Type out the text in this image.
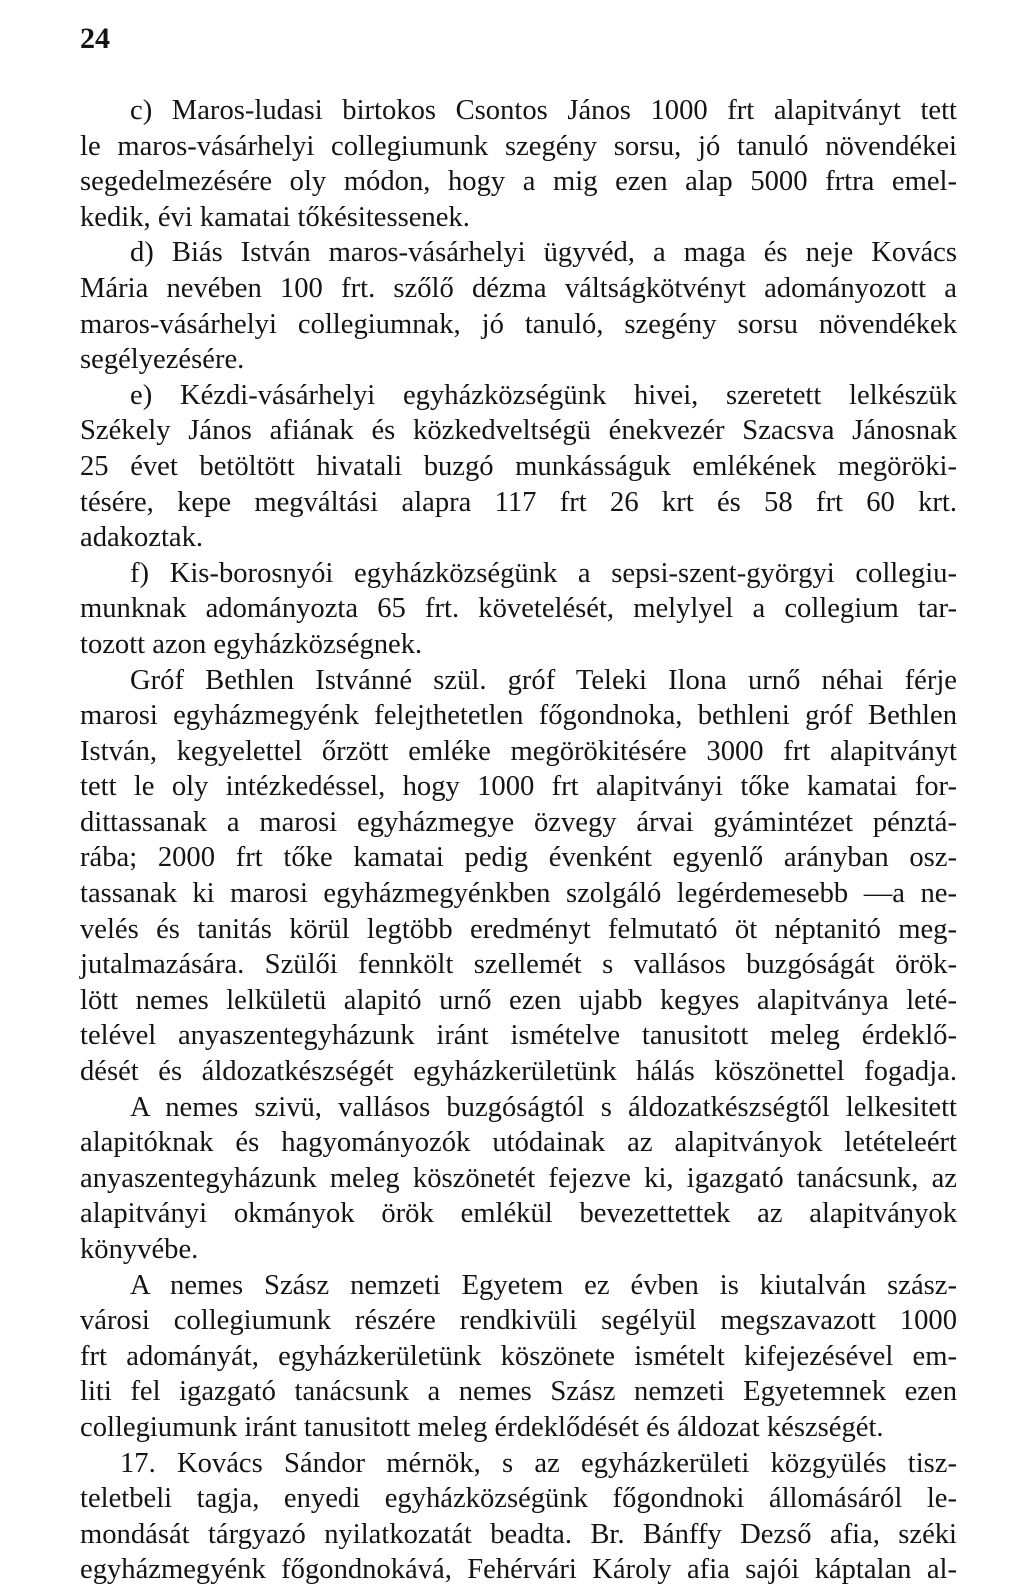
24
c) Maros-ludasi birtokos Csontos János 1000 frt alapitványt tett
le maros-vásárhelyi collegiumunk szegény sorsu, jó tanuló növendékei
segedelmezésére oly módon, hogy a mig ezen alap 5000 frtra emel-
kedik, évi kamatai tőkésitessenek.
d) Biás István maros-vásárhelyi ügyvéd, a maga és neje Kovács
Mária nevében 100 frt. szőlő dézma váltságkötvényt adományozott a
maros-vásárhelyi collegiumnak, jó tanuló, szegény sorsu növendékek
segélyezésére.
e) Kézdi-vásárhelyi egyházközségünk hivei, szeretett lelkészük
Székely János afiának és közkedveltségü énekvezér Szacsva Jánosnak
25 évet betöltött hivatali buzgó munkásságuk emlékének megöröki-
tésére, kepe megváltási alapra 117 frt 26 krt és 58 frt 60 krt.
adakoztak.
f) Kis-borosnyói egyházközségünk a sepsi-szent-györgyi collegiu-
munknak adományozta 65 frt. követelését, melylyel a collegium tar-
tozott azon egyházközségnek.
Gróf Bethlen Istvánné szül. gróf Teleki Ilona urnő néhai férje
marosi egyházmegyénk felejthetetlen főgondnoka, bethleni gróf Bethlen
István, kegyelettel őrzött emléke megörökitésére 3000 frt alapitványt
tett le oly intézkedéssel, hogy 1000 frt alapitványi tőke kamatai for-
dittassanak a marosi egyházmegye özvegy árvai gyámintézet pénztá-
rába; 2000 frt tőke kamatai pedig évenként egyenlő arányban osz-
tassanak ki marosi egyházmegyénkben szolgáló legérdemesebb —a ne-
velés és tanitás körül legtöbb eredményt felmutató öt néptanitó meg-
jutalmazására. Szülői fennkölt szellemét s vallásos buzgóságát örök-
lött nemes lelkületü alapitó urnő ezen ujabb kegyes alapitványa leté-
telével anyaszentegyházunk iránt ismételve tanusitott meleg érdeklő-
dését és áldozatkészségét egyházkerületünk hálás köszönettel fogadja.
A nemes szivü, vallásos buzgóságtól s áldozatkészségtől lelkesitett
alapitóknak és hagyományozók utódainak az alapitványok letételeért
anyaszentegyházunk meleg köszönetét fejezve ki, igazgató tanácsunk, az
alapitványi okmányok örök emlékül bevezettettek az alapitványok
könyvébe.
A nemes Szász nemzeti Egyetem ez évben is kiutalván szász-
városi collegiumunk részére rendkivüli segélyül megszavazott 1000
frt adományát, egyházkerületünk köszönete ismételt kifejezésével em-
liti fel igazgató tanácsunk a nemes Szász nemzeti Egyetemnek ezen
collegiumunk iránt tanusitott meleg érdeklődését és áldozat készségét.
17. Kovács Sándor mérnök, s az egyházkerületi közgyülés tisz-
teletbeli tagja, enyedi egyházközségünk főgondnoki állomásáról le-
mondását tárgyazó nyilatkozatát beadta. Br. Bánffy Dezső afia, széki
egyházmegyénk főgondnokává, Fehérvári Károly afia sajói káptalan al-
